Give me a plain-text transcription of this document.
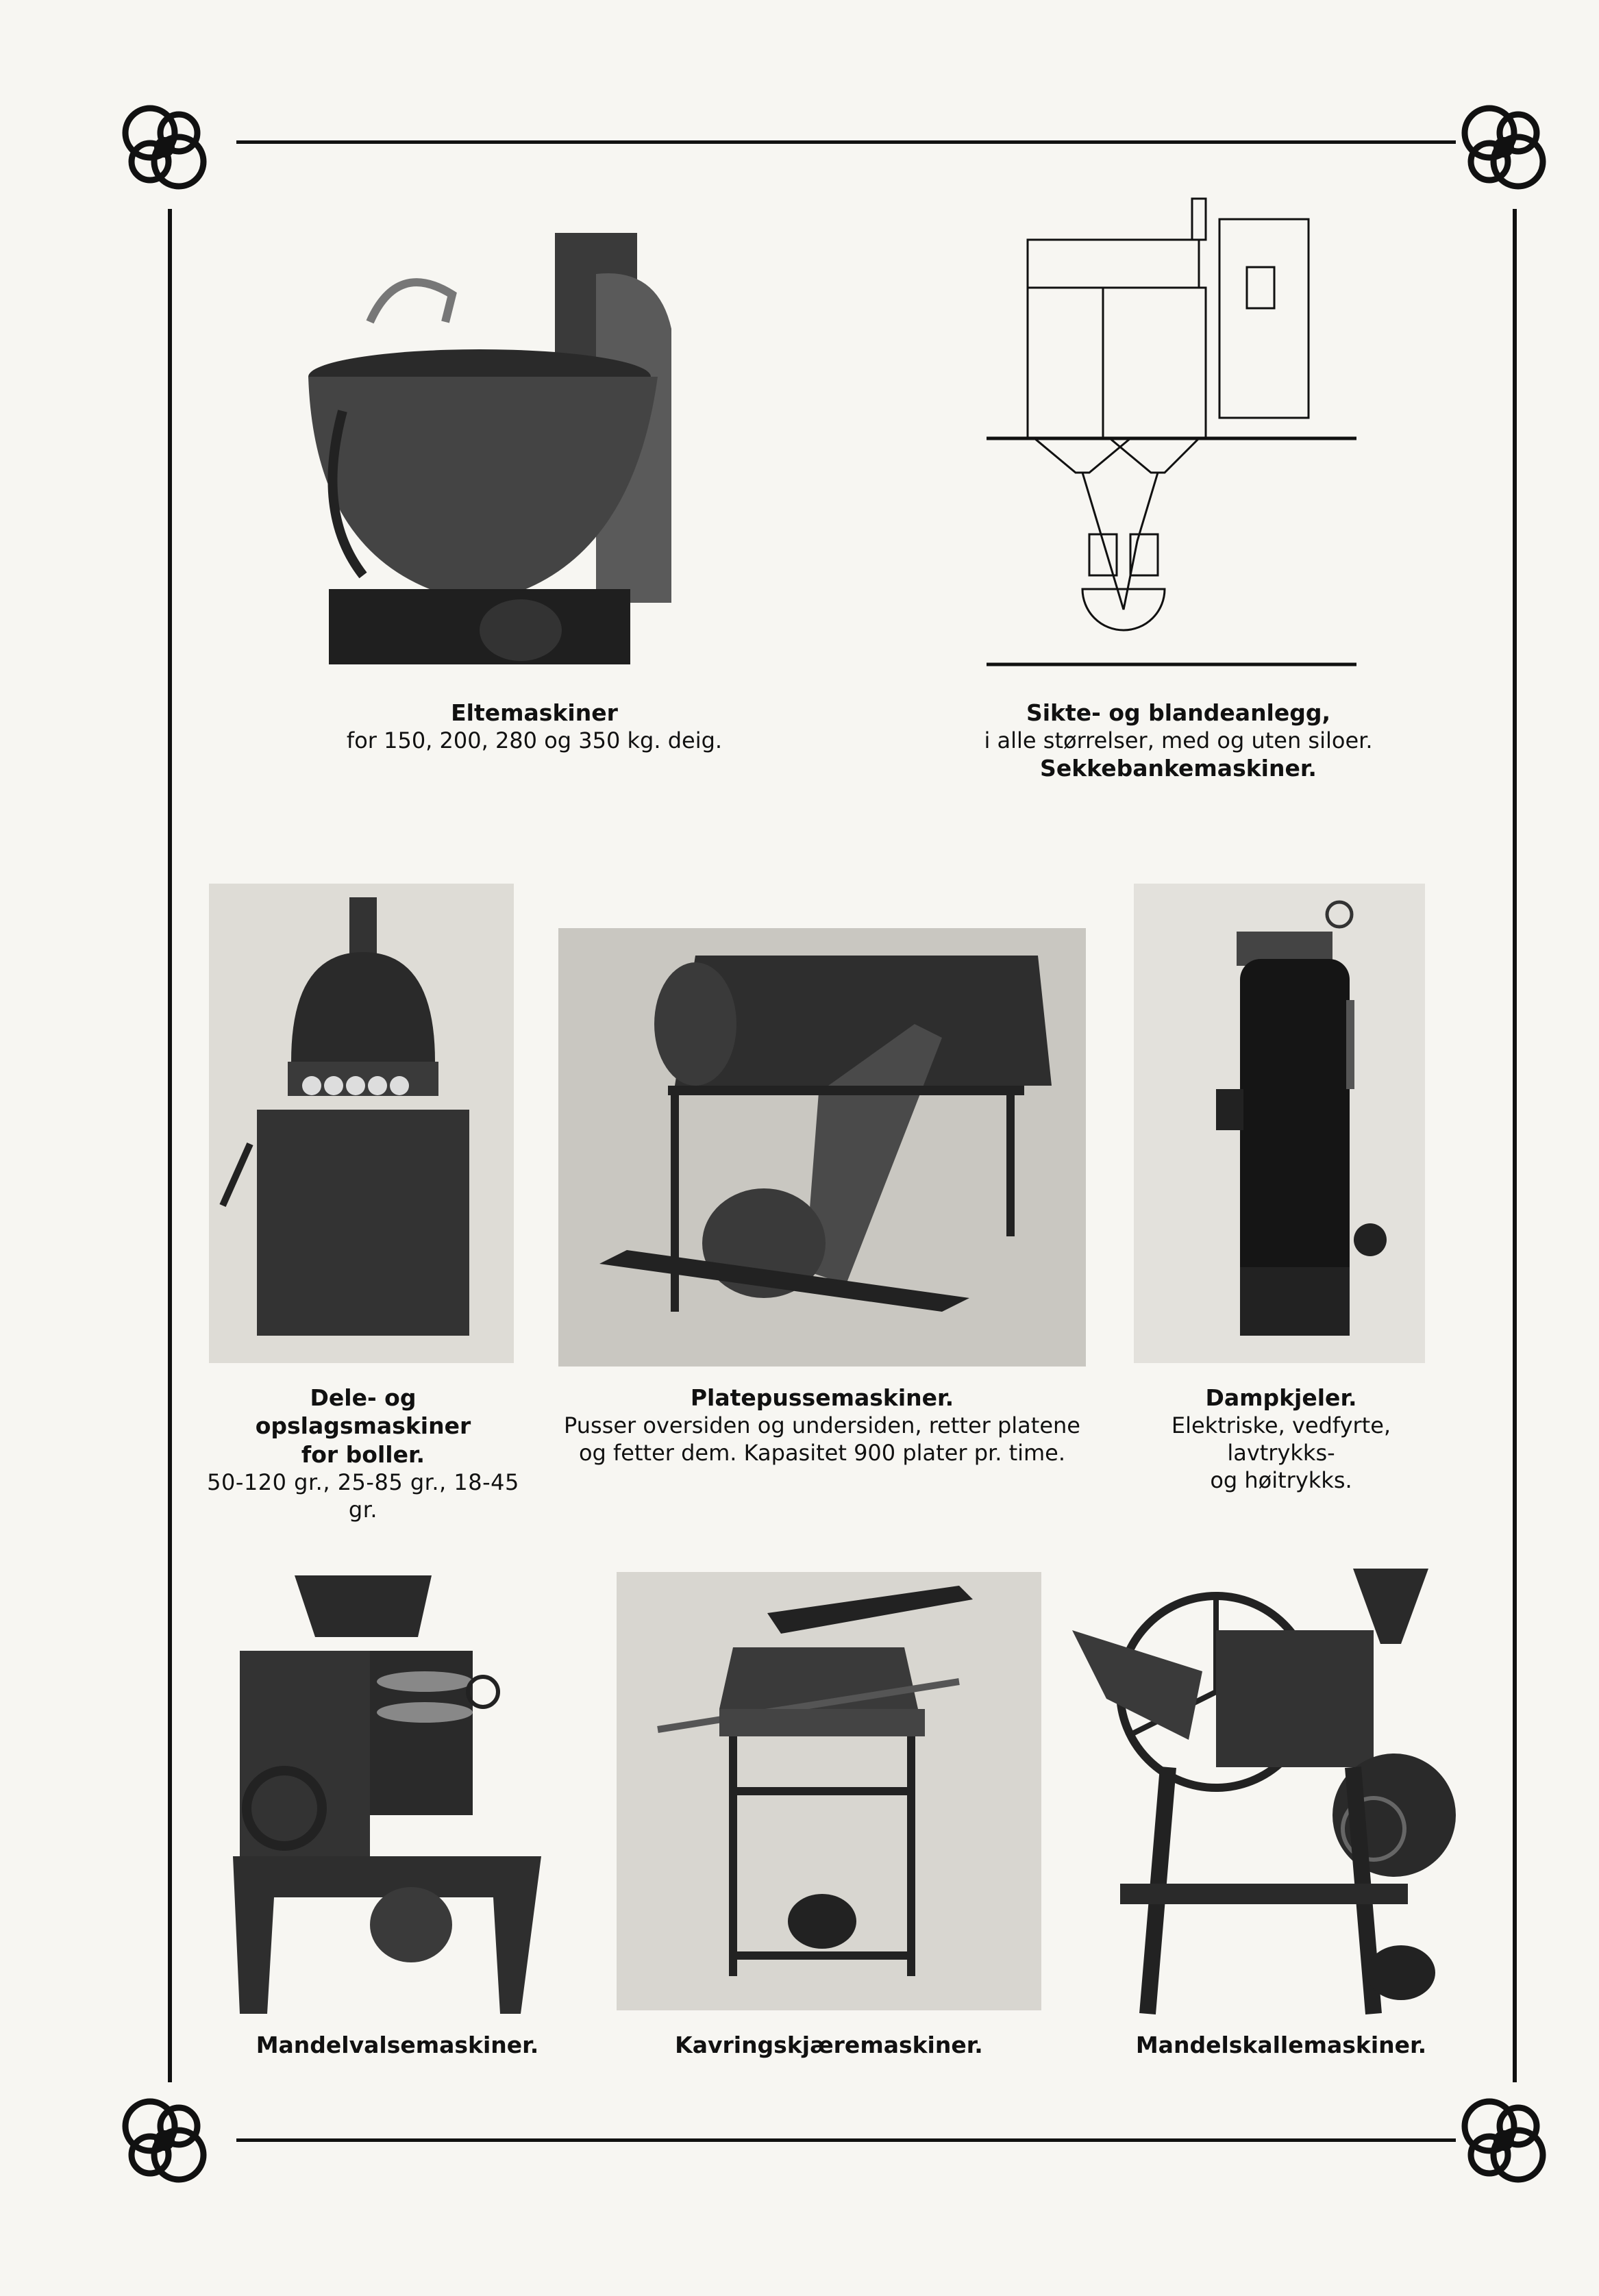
Eltemaskiner
for 150, 200, 280 og 350 kg. deig.
Sikte- og blandeanlegg,
i alle størrelser, med og uten siloer.
Sekkebankemaskiner.
Dele- og opslagsmaskiner
for boller.
50-120 gr., 25-85 gr., 18-45 gr.
Platepussemaskiner.
Pusser oversiden og undersiden, retter platene
og fetter dem. Kapasitet 900 plater pr. time.
Dampkjeler.
Elektriske, vedfyrte, lavtrykks-
og høitrykks.
Mandelvalsemaskiner.	Kavringskjæremaskiner.	Mandelskallemaskiner.
